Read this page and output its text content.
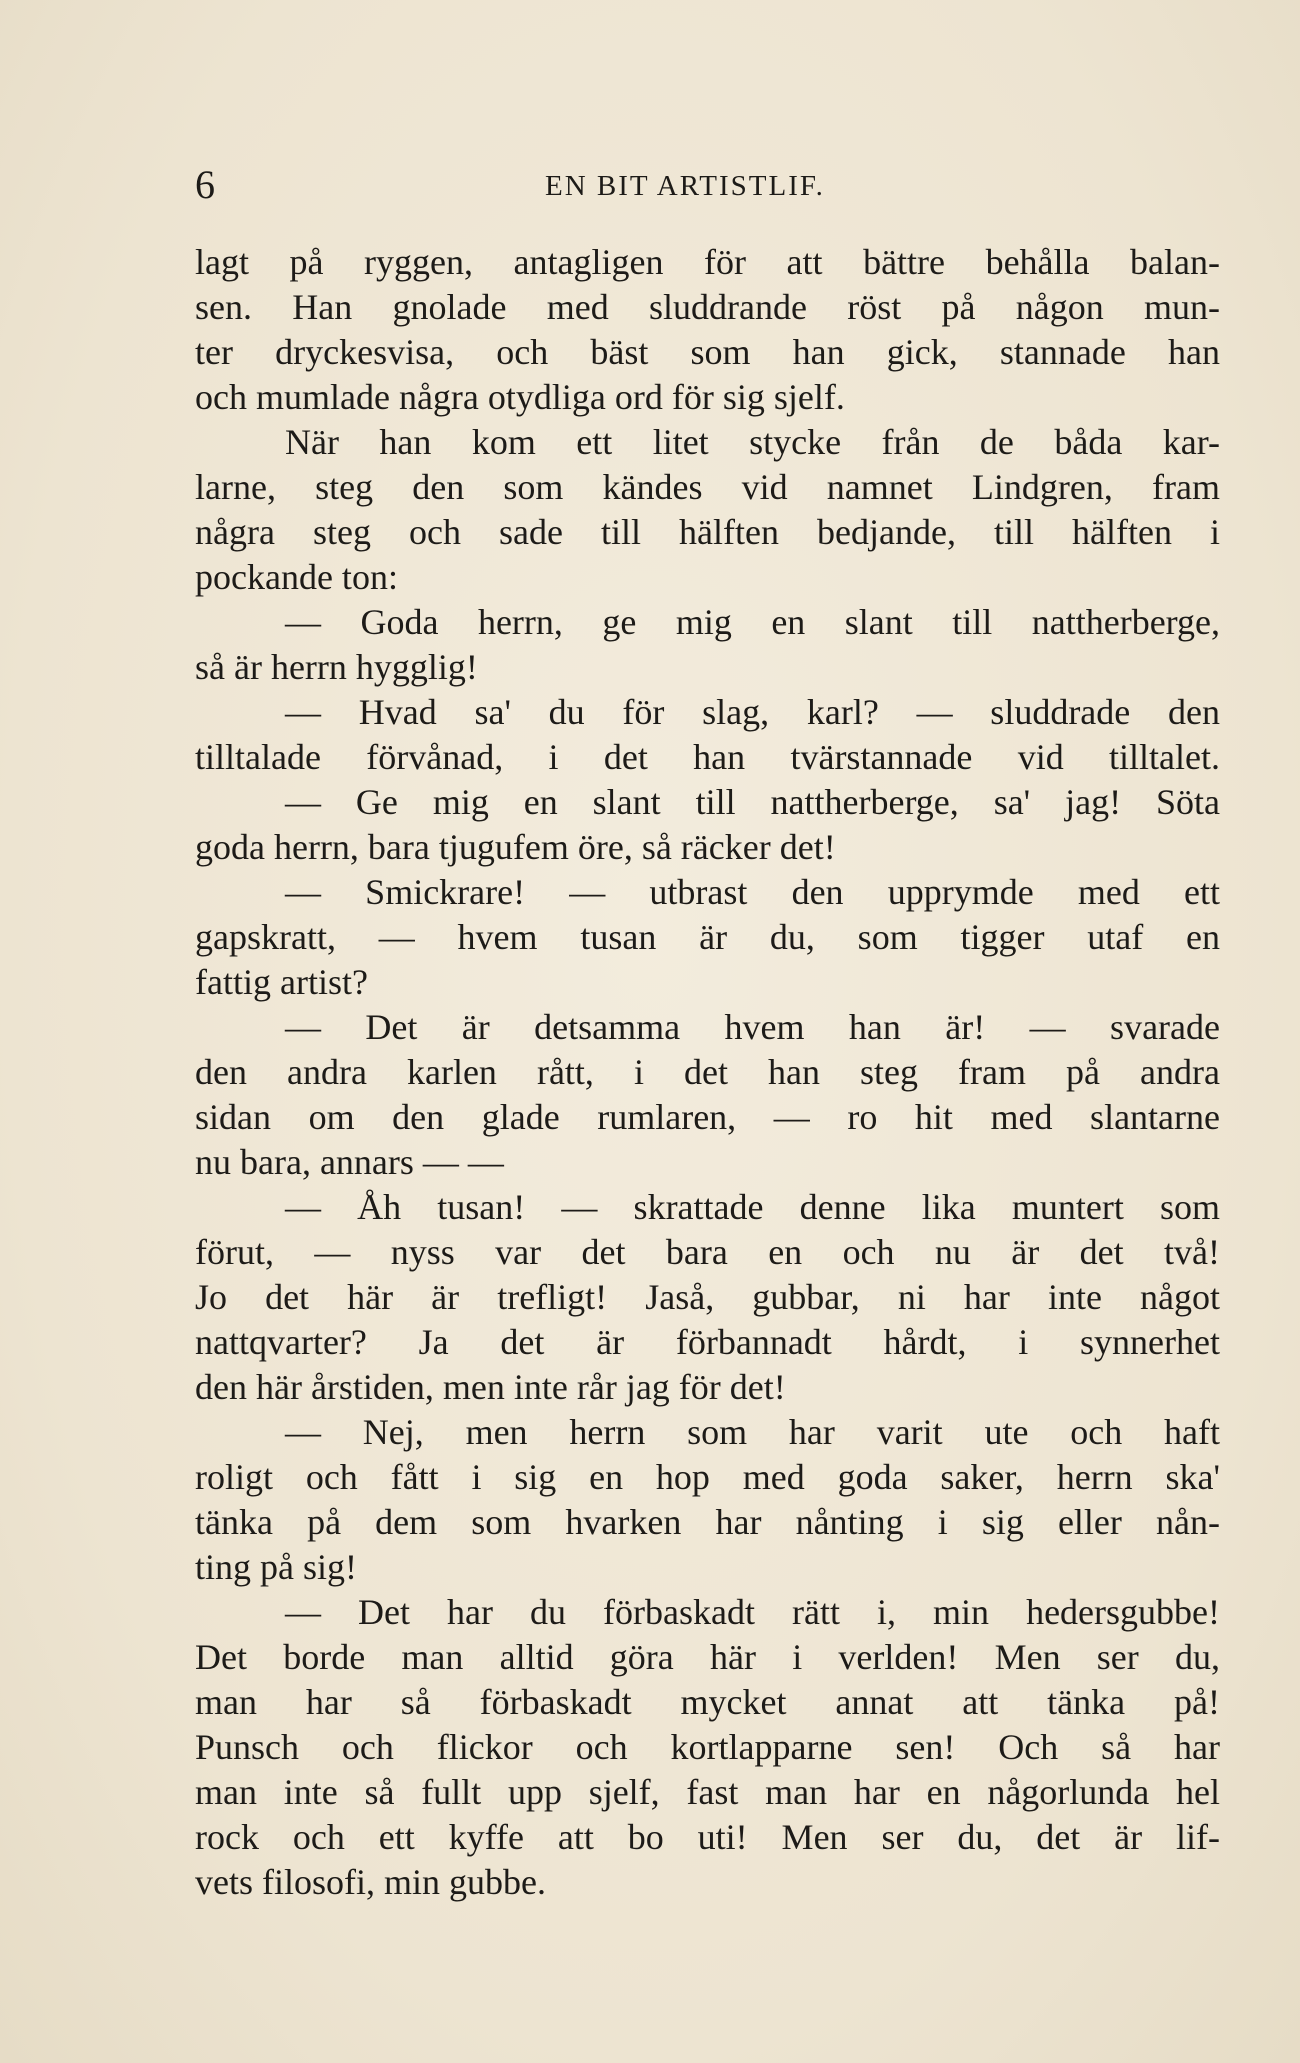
6	EN BIT ARTISTLIF.
lagt på ryggen, antagligen för att bättre behålla balan-
sen. Han gnolade med sluddrande röst på någon mun-
ter dryckesvisa, och bäst som han gick, stannade han
och mumlade några otydliga ord för sig sjelf.
När han kom ett litet stycke från de båda kar-
larne, steg den som kändes vid namnet Lindgren, fram
några steg och sade till hälften bedjande, till hälften i
pockande ton:
— Goda herrn, ge mig en slant till nattherberge,
så är herrn hygglig!
— Hvad sa' du för slag, karl? — sluddrade den
tilltalade förvånad, i det han tvärstannade vid tilltalet.
— Ge mig en slant till nattherberge, sa' jag! Söta
goda herrn, bara tjugufem öre, så räcker det!
— Smickrare! — utbrast den upprymde med ett
gapskratt, — hvem tusan är du, som tigger utaf en
fattig artist?
— Det är detsamma hvem han är! — svarade
den andra karlen rått, i det han steg fram på andra
sidan om den glade rumlaren, — ro hit med slantarne
nu bara, annars — —
— Åh tusan! — skrattade denne lika muntert som
förut, — nyss var det bara en och nu är det två!
Jo det här är trefligt! Jaså, gubbar, ni har inte något
nattqvarter? Ja det är förbannadt hårdt, i synnerhet
den här årstiden, men inte rår jag för det!
— Nej, men herrn som har varit ute och haft
roligt och fått i sig en hop med goda saker, herrn ska'
tänka på dem som hvarken har nånting i sig eller nån-
ting på sig!
— Det har du förbaskadt rätt i, min hedersgubbe!
Det borde man alltid göra här i verlden! Men ser du,
man har så förbaskadt mycket annat att tänka på!
Punsch och flickor och kortlapparne sen! Och så har
man inte så fullt upp sjelf, fast man har en någorlunda hel
rock och ett kyffe att bo uti! Men ser du, det är lif-
vets filosofi, min gubbe.
